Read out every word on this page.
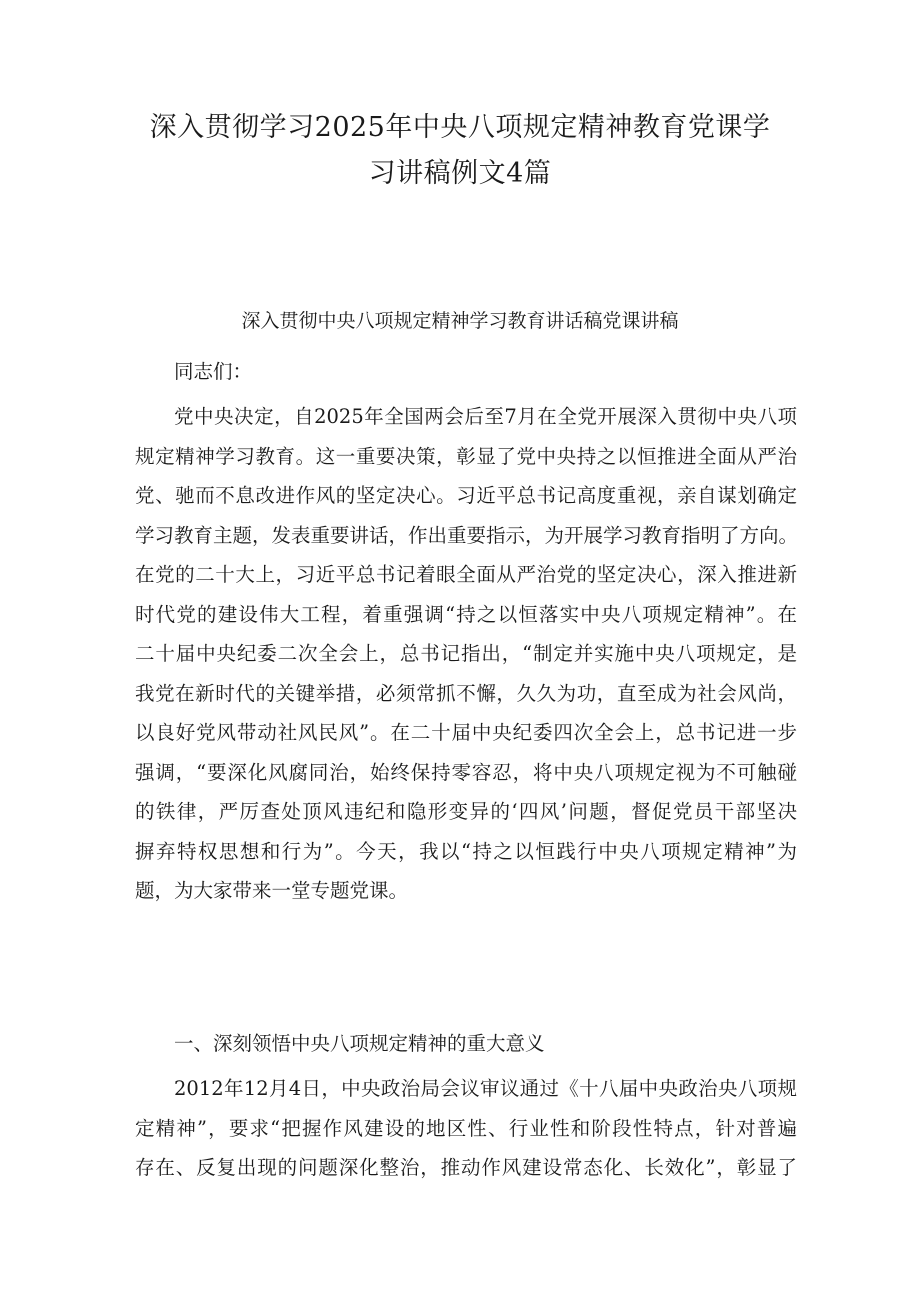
深入贯彻学习2025年中央八项规定精神教育党课学
习讲稿例文4篇
深入贯彻中央八项规定精神学习教育讲话稿党课讲稿

同志们：

党中央决定，自2025年全国两会后至7月在全党开展深入贯彻中央八项
规定精神学习教育。这一重要决策，彰显了党中央持之以恒推进全面从严治
党、驰而不息改进作风的坚定决心。习近平总书记高度重视，亲自谋划确定
学习教育主题，发表重要讲话，作出重要指示，为开展学习教育指明了方向。
在党的二十大上，习近平总书记着眼全面从严治党的坚定决心，深入推进新
时代党的建设伟大工程，着重强调“持之以恒落实中央八项规定精神”。在
二十届中央纪委二次全会上，总书记指出，“制定并实施中央八项规定，是
我党在新时代的关键举措，必须常抓不懈，久久为功，直至成为社会风尚，
以良好党风带动社风民风”。在二十届中央纪委四次全会上，总书记进一步
强调，“要深化风腐同治，始终保持零容忍，将中央八项规定视为不可触碰
的铁律，严厉查处顶风违纪和隐形变异的‘四风’问题，督促党员干部坚决
摒弃特权思想和行为”。今天，我以“持之以恒践行中央八项规定精神”为
题，为大家带来一堂专题党课。

一、深刻领悟中央八项规定精神的重大意义

2012年12月4日，中央政治局会议审议通过《十八届中央政治央八项规
定精神”，要求“把握作风建设的地区性、行业性和阶段性特点，针对普遍
存在、反复出现的问题深化整治，推动作风建设常态化、长效化”，彰显了
